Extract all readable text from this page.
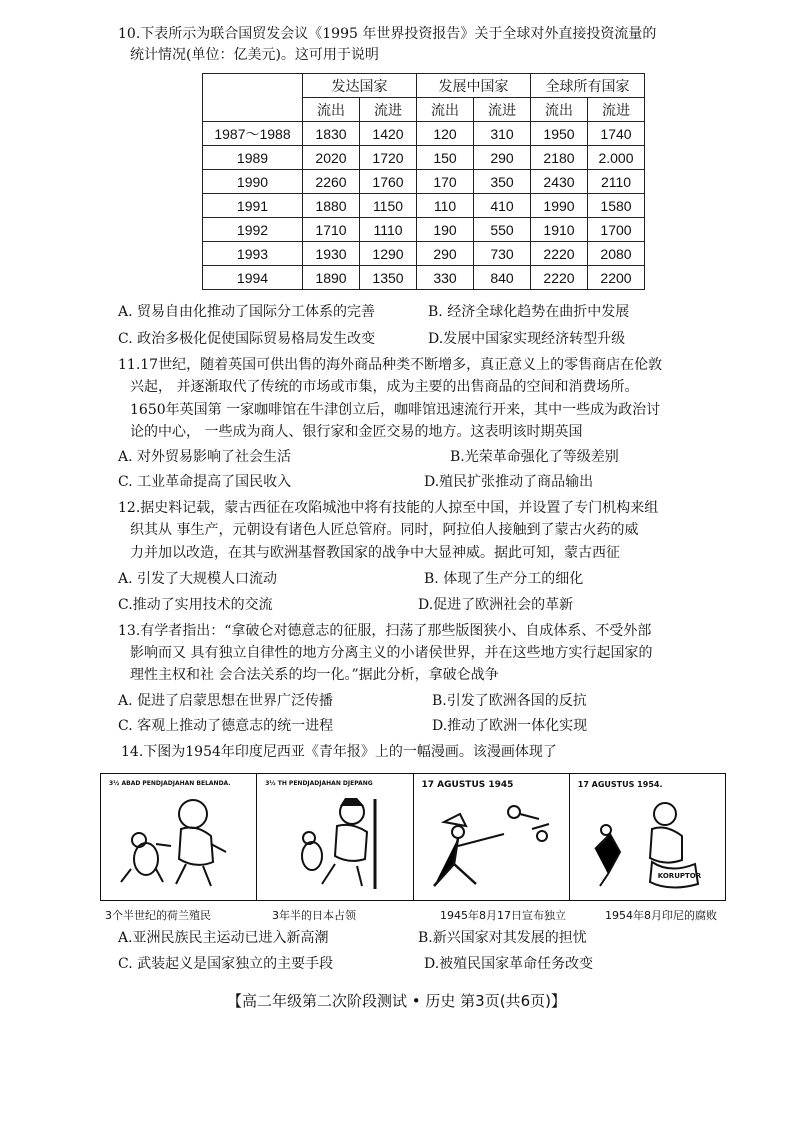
10.下表所示为联合国贸发会议《1995 年世界投资报告》关于全球对外直接投资流量的
统计情况(单位：亿美元)。这可用于说明
	发达国家		发展中国家		全球所有国家	
	流出	流进	流出	流进	流出	流进
1987～1988	1830	1420	120	310	1950	1740
1989	2020	1720	150	290	2180	2.000
1990	2260	1760	170	350	2430	2110
1991	1880	1150	110	410	1990	1580
1992	1710	1110	190	550	1910	1700
1993	1930	1290	290	730	2220	2080
1994	1890	1350	330	840	2220	2200
A. 贸易自由化推动了国际分工体系的完善	B. 经济全球化趋势在曲折中发展
C. 政治多极化促使国际贸易格局发生改变	D.发展中国家实现经济转型升级
11.17世纪，随着英国可供出售的海外商品种类不断增多，真正意义上的零售商店在伦敦
兴起， 并逐渐取代了传统的市场或市集，成为主要的出售商品的空间和消费场所。
1650年英国第 一家咖啡馆在牛津创立后，咖啡馆迅速流行开来，其中一些成为政治讨
论的中心， 一些成为商人、银行家和金匠交易的地方。这表明该时期英国
A. 对外贸易影响了社会生活	B.光荣革命强化了等级差别
C. 工业革命提高了国民收入	D.殖民扩张推动了商品输出
12.据史料记载，蒙古西征在攻陷城池中将有技能的人掠至中国，并设置了专门机构来组
织其从 事生产，元朝设有诸色人匠总管府。同时，阿拉伯人接触到了蒙古火药的威
力并加以改造，在其与欧洲基督教国家的战争中大显神威。据此可知，蒙古西征
A. 引发了大规模人口流动	B. 体现了生产分工的细化
C.推动了实用技术的交流	D.促进了欧洲社会的革新
13.有学者指出：“拿破仑对德意志的征服，扫荡了那些版图狭小、自成体系、不受外部
影响而又 具有独立自律性的地方分离主义的小诸侯世界，并在这些地方实行起国家的
理性主权和社 会合法关系的均一化。”据此分析，拿破仑战争
A. 促进了启蒙思想在世界广泛传播	B.引发了欧洲各国的反抗
C. 客观上推动了德意志的统一进程	D.推动了欧洲一体化实现
14.下图为1954年印度尼西亚《青年报》上的一幅漫画。该漫画体现了
3½ ABAD PENDJADJAHAN BELANDA.	3½ TH PENDJADJAHAN DJEPANG	17 AGUSTUS 1945	17 AGUSTUS 1954.
KORUPTOR
3个半世纪的荷兰殖民	3年半的日本占领	1945年8月17日宣布独立	1954年8月印尼的腐败
A.亚洲民族民主运动已进入新高潮	B.新兴国家对其发展的担忧
C. 武装起义是国家独立的主要手段	D.被殖民国家革命任务改变
【高二年级第二次阶段测试 • 历史 第3页(共6页)】
